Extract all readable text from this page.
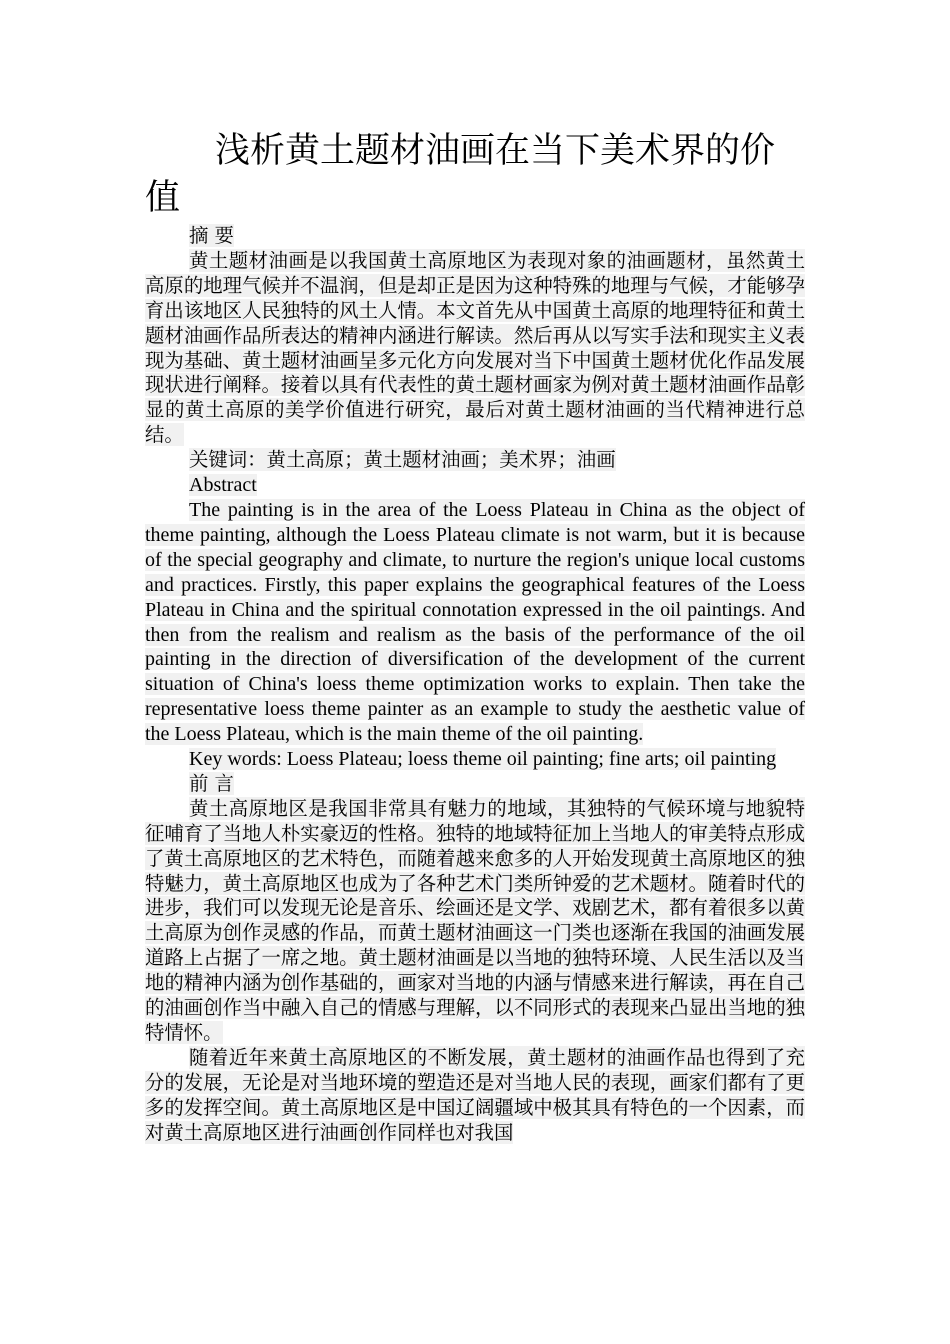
浅析黄土题材油画在当下美术界的价值

摘 要

黄土题材油画是以我国黄土高原地区为表现对象的油画题材，虽然黄土高原的地理气候并不温润，但是却正是因为这种特殊的地理与气候，才能够孕育出该地区人民独特的风土人情。本文首先从中国黄土高原的地理特征和黄土题材油画作品所表达的精神内涵进行解读。然后再从以写实手法和现实主义表现为基础、黄土题材油画呈多元化方向发展对当下中国黄土题材优化作品发展现状进行阐释。接着以具有代表性的黄土题材画家为例对黄土题材油画作品彰显的黄土高原的美学价值进行研究，最后对黄土题材油画的当代精神进行总结。

关键词：黄土高原；黄土题材油画；美术界；油画

Abstract

The painting is in the area of the Loess Plateau in China as the object of theme painting, although the Loess Plateau climate is not warm, but it is because of the special geography and climate, to nurture the region's unique local customs and practices. Firstly, this paper explains the geographical features of the Loess Plateau in China and the spiritual connotation expressed in the oil paintings. And then from the realism and realism as the basis of the performance of the oil painting in the direction of diversification of the development of the current situation of China's loess theme optimization works to explain. Then take the representative loess theme painter as an example to study the aesthetic value of the Loess Plateau, which is the main theme of the oil painting.

Key words: Loess Plateau; loess theme oil painting; fine arts; oil painting

前 言

黄土高原地区是我国非常具有魅力的地域，其独特的气候环境与地貌特征哺育了当地人朴实豪迈的性格。独特的地域特征加上当地人的审美特点形成了黄土高原地区的艺术特色，而随着越来愈多的人开始发现黄土高原地区的独特魅力，黄土高原地区也成为了各种艺术门类所钟爱的艺术题材。随着时代的进步，我们可以发现无论是音乐、绘画还是文学、戏剧艺术，都有着很多以黄土高原为创作灵感的作品，而黄土题材油画这一门类也逐渐在我国的油画发展道路上占据了一席之地。黄土题材油画是以当地的独特环境、人民生活以及当地的精神内涵为创作基础的，画家对当地的内涵与情感来进行解读，再在自己的油画创作当中融入自己的情感与理解，以不同形式的表现来凸显出当地的独特情怀。

随着近年来黄土高原地区的不断发展，黄土题材的油画作品也得到了充分的发展，无论是对当地环境的塑造还是对当地人民的表现，画家们都有了更多的发挥空间。黄土高原地区是中国辽阔疆域中极其具有特色的一个因素，而对黄土高原地区进行油画创作同样也对我国
